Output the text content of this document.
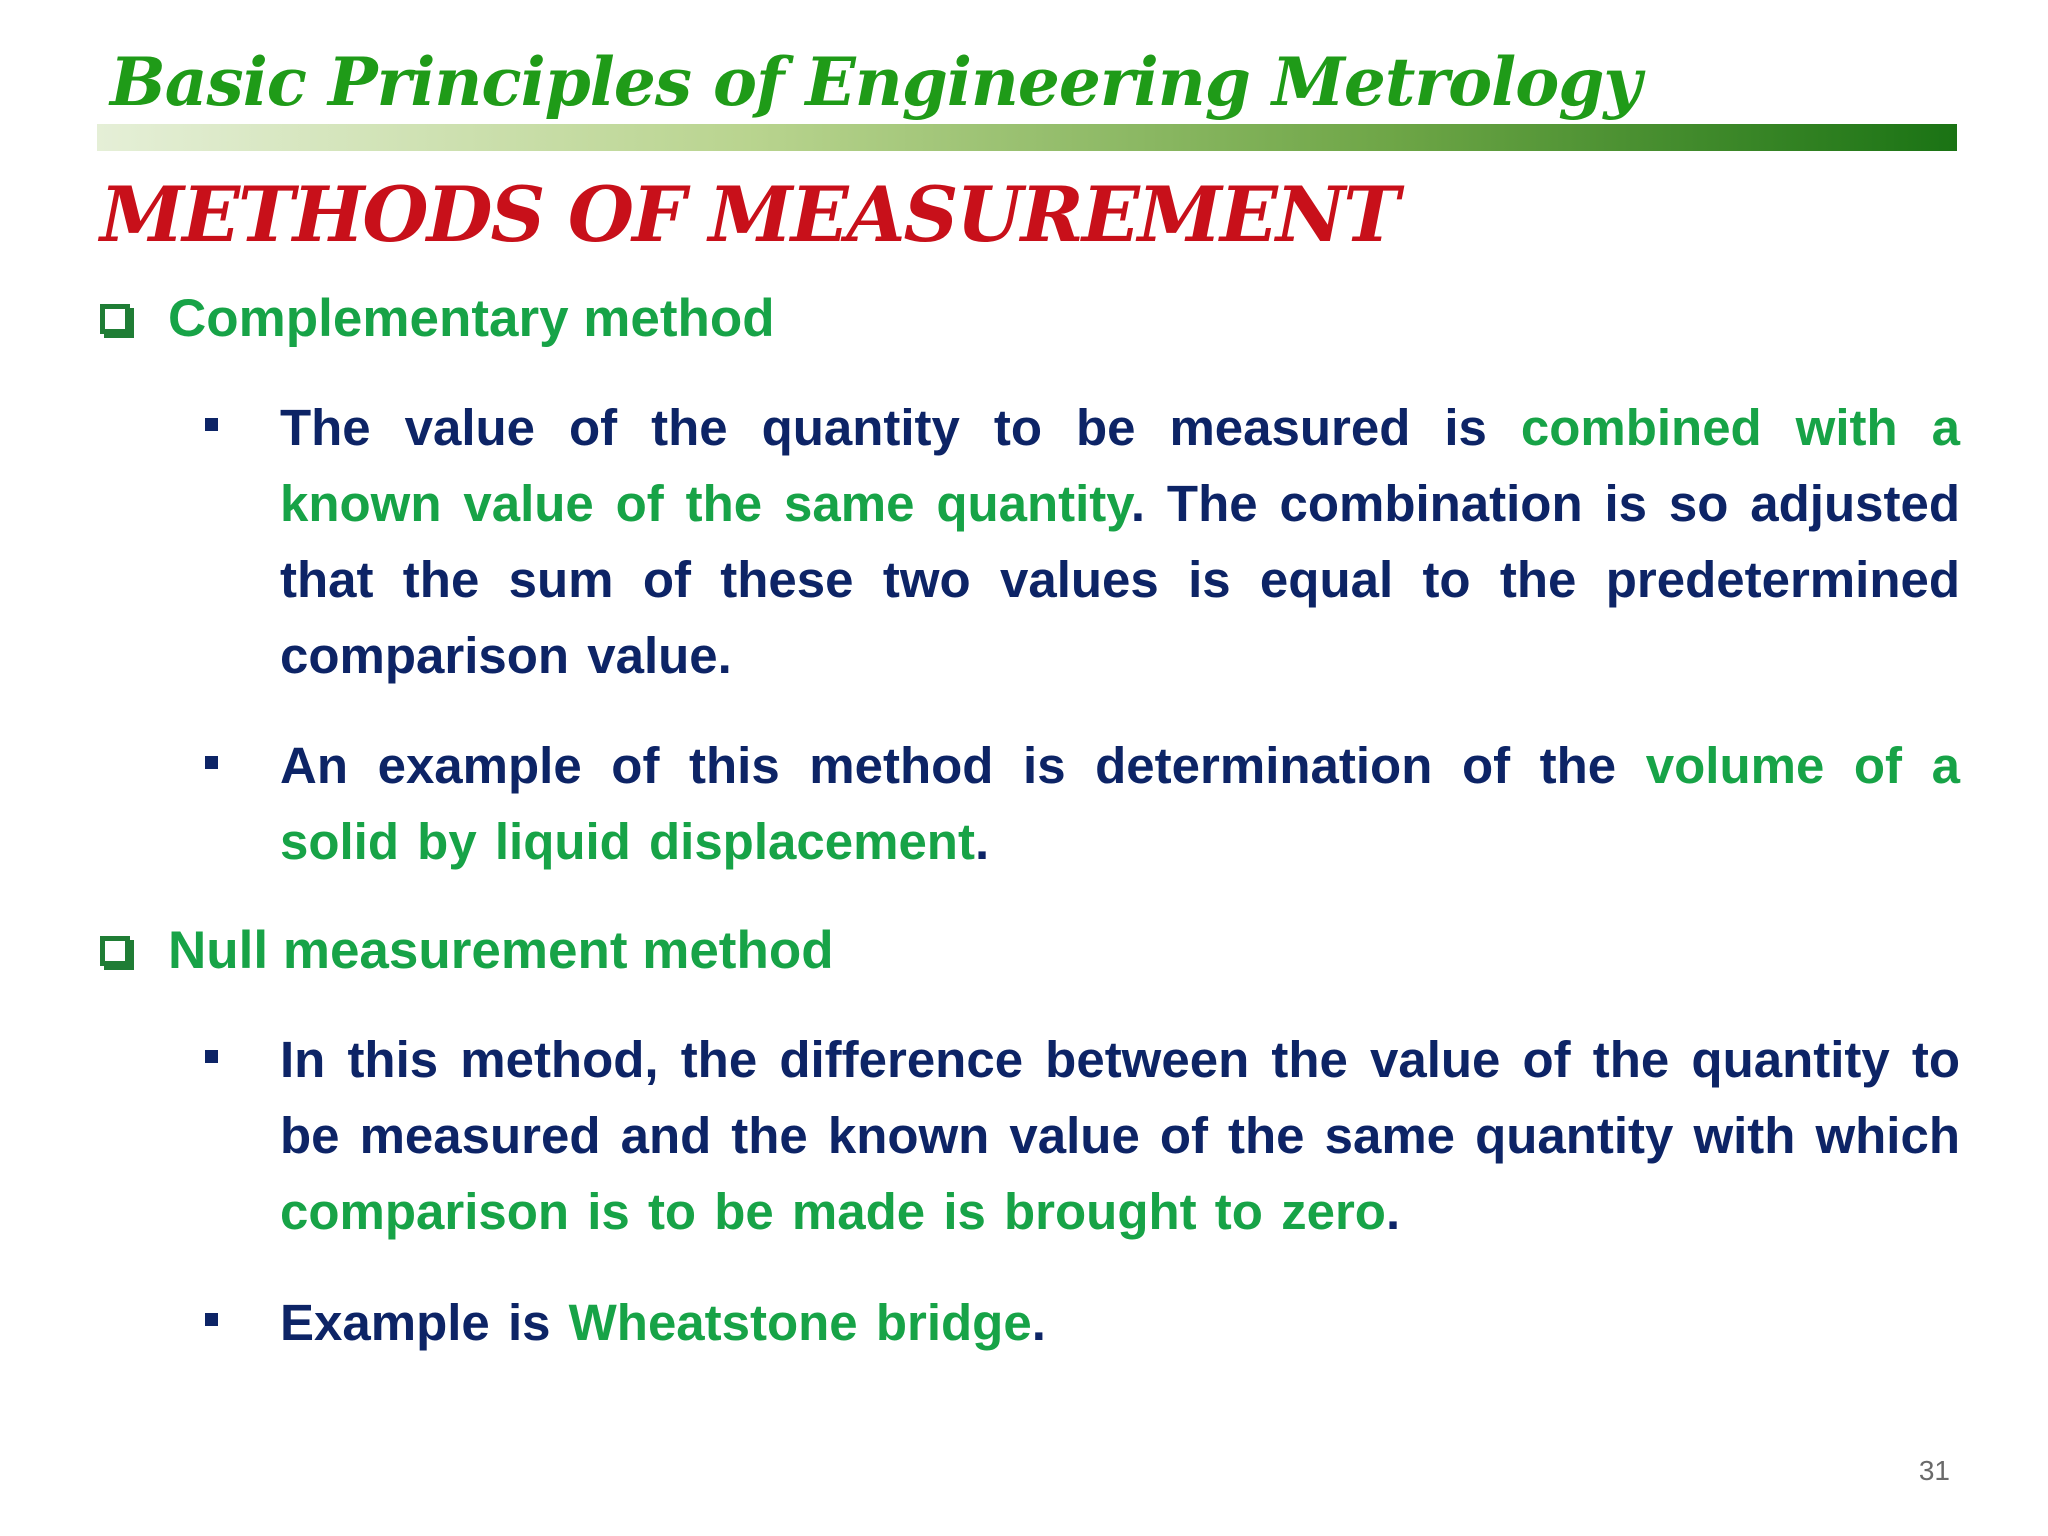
Basic Principles of Engineering Metrology
METHODS OF MEASUREMENT
Complementary method
The value of the quantity to be measured is combined with a known value of the same quantity. The combination is so adjusted that the sum of these two values is equal to the predetermined comparison value.
An example of this method is determination of the volume of a solid by liquid displacement.
Null measurement method
In this method, the difference between the value of the quantity to be measured and the known value of the same quantity with which comparison is to be made is brought to zero.
Example is Wheatstone bridge.
31
